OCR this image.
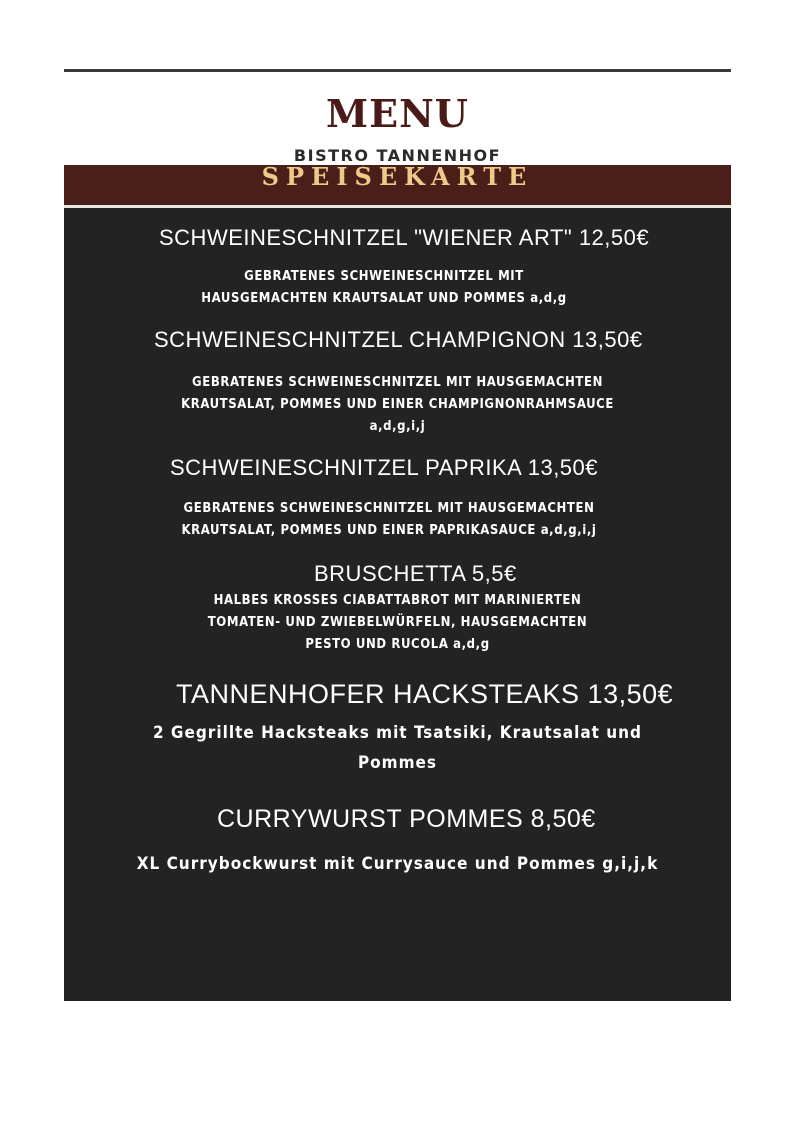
MENU
BISTRO TANNENHOF
SPEISEKARTE
SCHWEINESCHNITZEL "WIENER ART" 12,50€
GEBRATENES SCHWEINESCHNITZEL MIT
HAUSGEMACHTEN KRAUTSALAT UND POMMES a,d,g
SCHWEINESCHNITZEL CHAMPIGNON 13,50€
GEBRATENES SCHWEINESCHNITZEL MIT HAUSGEMACHTEN
KRAUTSALAT, POMMES UND EINER CHAMPIGNONRAHMSAUCE
a,d,g,i,j
SCHWEINESCHNITZEL PAPRIKA 13,50€
GEBRATENES SCHWEINESCHNITZEL MIT HAUSGEMACHTEN
KRAUTSALAT, POMMES UND EINER PAPRIKASAUCE a,d,g,i,j
BRUSCHETTA 5,5€
HALBES KROSSES CIABATTABROT MIT MARINIERTEN
TOMATEN- UND ZWIEBELWÜRFELN, HAUSGEMACHTEN
PESTO UND RUCOLA a,d,g
TANNENHOFER HACKSTEAKS 13,50€
2 Gegrillte Hacksteaks mit Tsatsiki, Krautsalat und
Pommes
CURRYWURST POMMES 8,50€
XL Currybockwurst mit Currysauce und Pommes g,i,j,k
